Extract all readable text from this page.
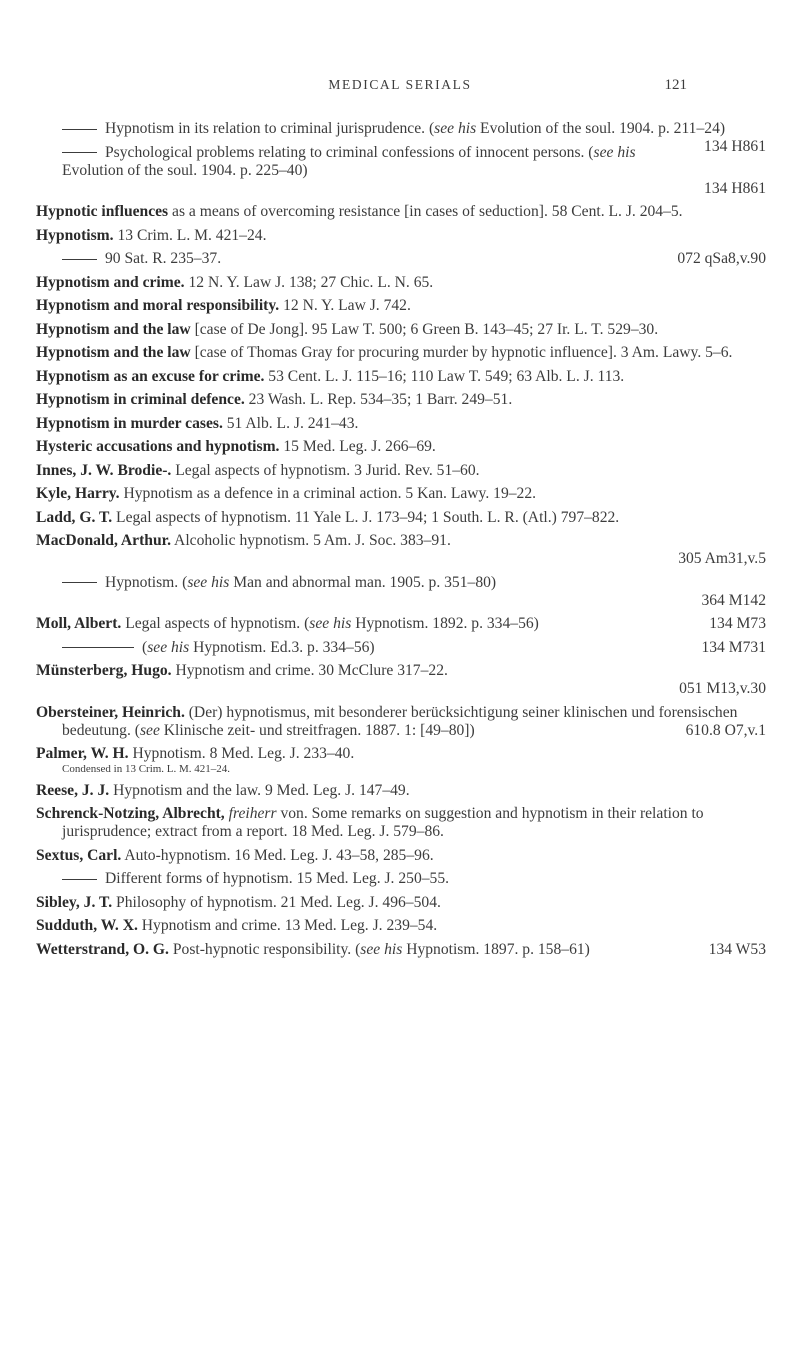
MEDICAL SERIALS	121

Hypnotism in its relation to criminal jurisprudence. (see his Evolution of the soul. 1904. p. 211–24)
134 H861

Psychological problems relating to criminal confessions of innocent persons. (see his Evolution of the soul. 1904. p. 225–40)
134 H861

Hypnotic influences as a means of overcoming resistance [in cases of seduction]. 58 Cent. L. J. 204–5.

Hypnotism. 13 Crim. L. M. 421–24.

90 Sat. R. 235–37.	072 qSa8,v.90

Hypnotism and crime. 12 N. Y. Law J. 138; 27 Chic. L. N. 65.

Hypnotism and moral responsibility. 12 N. Y. Law J. 742.

Hypnotism and the law [case of De Jong]. 95 Law T. 500; 6 Green B. 143–45; 27 Ir. L. T. 529–30.

Hypnotism and the law [case of Thomas Gray for procuring murder by hypnotic influence]. 3 Am. Lawy. 5–6.

Hypnotism as an excuse for crime. 53 Cent. L. J. 115–16; 110 Law T. 549; 63 Alb. L. J. 113.

Hypnotism in criminal defence. 23 Wash. L. Rep. 534–35; 1 Barr. 249–51.

Hypnotism in murder cases. 51 Alb. L. J. 241–43.

Hysteric accusations and hypnotism. 15 Med. Leg. J. 266–69.

Innes, J. W. Brodie-. Legal aspects of hypnotism. 3 Jurid. Rev. 51–60.

Kyle, Harry. Hypnotism as a defence in a criminal action. 5 Kan. Lawy. 19–22.

Ladd, G. T. Legal aspects of hypnotism. 11 Yale L. J. 173–94; 1 South. L. R. (Atl.) 797–822.

MacDonald, Arthur. Alcoholic hypnotism. 5 Am. J. Soc. 383–91.
305 Am31,v.5

Hypnotism. (see his Man and abnormal man. 1905. p. 351–80)
364 M142

Moll, Albert. Legal aspects of hypnotism. (see his Hypnotism. 1892. p. 334–56)	134 M73

(see his Hypnotism. Ed.3. p. 334–56)	134 M731

Münsterberg, Hugo. Hypnotism and crime. 30 McClure 317–22.
051 M13,v.30

Obersteiner, Heinrich. (Der) hypnotismus, mit besonderer berücksichtigung seiner klinischen und forensischen bedeutung. (see Klinische zeit- und streitfragen. 1887. 1: [49–80])	610.8 O7,v.1

Palmer, W. H. Hypnotism. 8 Med. Leg. J. 233–40.
Condensed in 13 Crim. L. M. 421–24.

Reese, J. J. Hypnotism and the law. 9 Med. Leg. J. 147–49.

Schrenck-Notzing, Albrecht, freiherr von. Some remarks on suggestion and hypnotism in their relation to jurisprudence; extract from a report. 18 Med. Leg. J. 579–86.

Sextus, Carl. Auto-hypnotism. 16 Med. Leg. J. 43–58, 285–96.

Different forms of hypnotism. 15 Med. Leg. J. 250–55.

Sibley, J. T. Philosophy of hypnotism. 21 Med. Leg. J. 496–504.

Sudduth, W. X. Hypnotism and crime. 13 Med. Leg. J. 239–54.

Wetterstrand, O. G. Post-hypnotic responsibility. (see his Hypnotism. 1897. p. 158–61)	134 W53
